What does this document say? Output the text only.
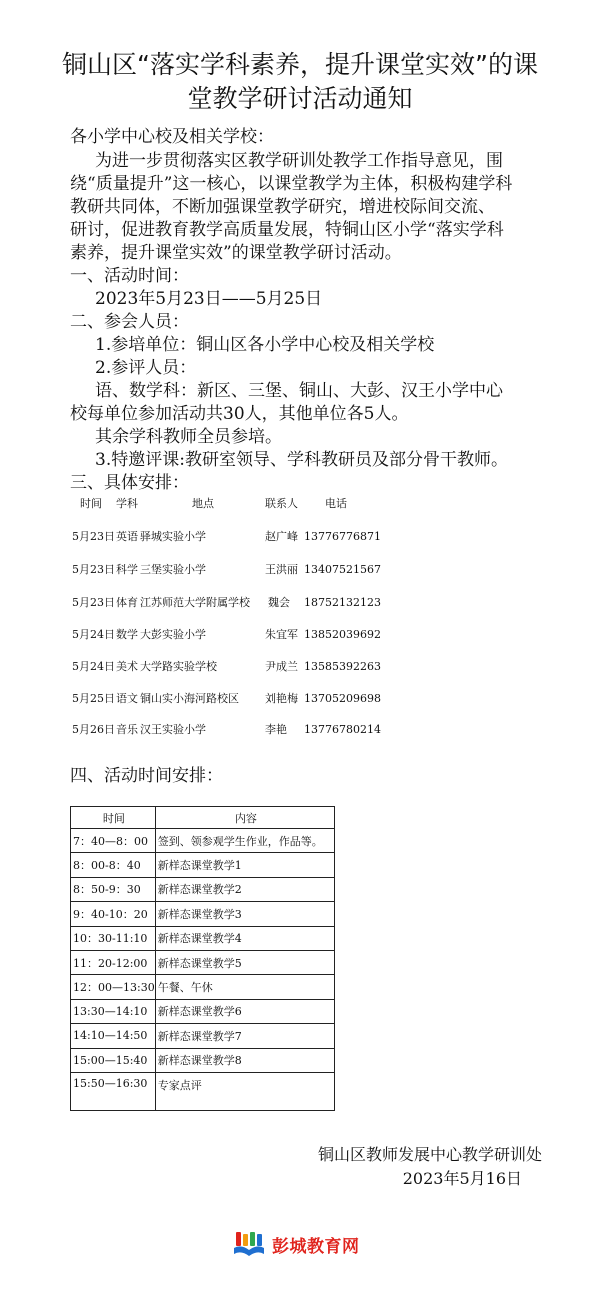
铜山区“落实学科素养，提升课堂实效”的课
堂教学研讨活动通知
各小学中心校及相关学校：
为进一步贯彻落实区教学研训处教学工作指导意见，围
绕“质量提升”这一核心，以课堂教学为主体，积极构建学科
教研共同体，不断加强课堂教学研究，增进校际间交流、
研讨，促进教育教学高质量发展，特铜山区小学“落实学科
素养，提升课堂实效”的课堂教学研讨活动。
一、活动时间：
2023年5月23日——5月25日
二、参会人员：
1.参培单位：铜山区各小学中心校及相关学校
2.参评人员：
语、数学科：新区、三堡、铜山、大彭、汉王小学中心
校每单位参加活动共30人，其他单位各5人。
其余学科教师全员参培。
3.特邀评课:教研室领导、学科教研员及部分骨干教师。
三、具体安排：
时间 学科	地点	联系人 电话
5月23日 英语 驿城实验小学	赵广峰 13776776871
5月23日 科学 三堡实验小学	王洪丽 13407521567
5月23日 体育 江苏师范大学附属学校 魏会 18752132123
5月24日 数学 大彭实验小学	朱宜军 13852039692
5月24日 美术 大学路实验学校	尹成兰 13585392263
5月25日 语文 铜山实小海河路校区 刘艳梅 13705209698
5月26日 音乐 汉王实验小学	李艳 13776780214
四、活动时间安排：
时间	内容
7：40—8：00	签到、领参观学生作业，作品等。
8：00-8：40	新样态课堂教学1
8：50-9：30	新样态课堂教学2
9：40-10：20	新样态课堂教学3
10：30-11:10	新样态课堂教学4
11：20-12:00	新样态课堂教学5
12：00—13:30	午餐、午休
13:30—14:10	新样态课堂教学6
14:10—14:50	新样态课堂教学7
15:00—15:40	新样态课堂教学8
15:50—16:30	专家点评
铜山区教师发展中心教学研训处
2023年5月16日
彭城教育网
